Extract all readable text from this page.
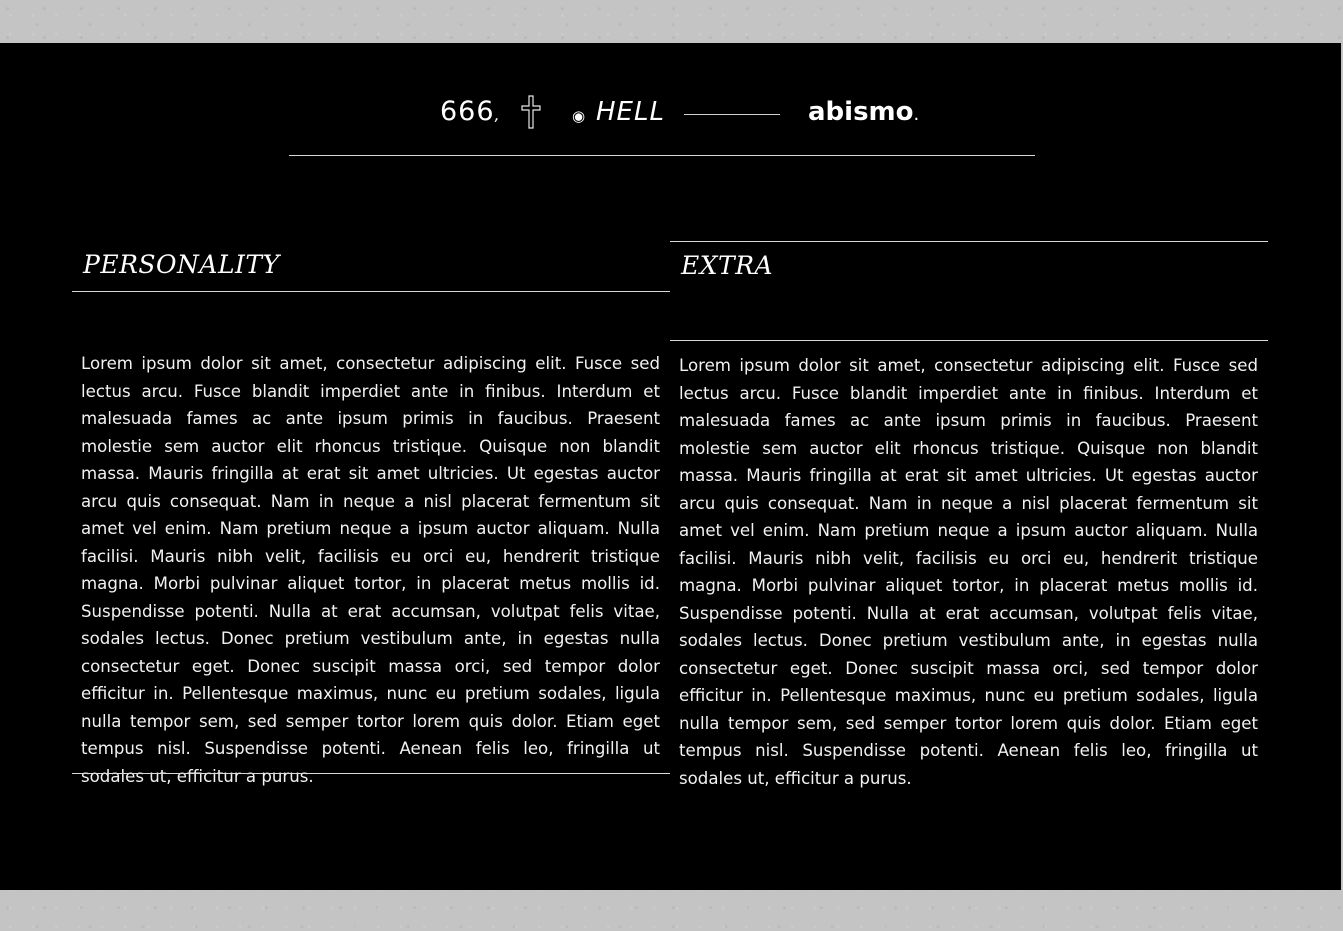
666,	◉ HELL	abismo.
PERSONALITY

Lorem ipsum dolor sit amet, consectetur adipiscing elit. Fusce sed lectus arcu. Fusce blandit imperdiet ante in finibus. Interdum et malesuada fames ac ante ipsum primis in faucibus. Praesent molestie sem auctor elit rhoncus tristique. Quisque non blandit massa. Mauris fringilla at erat sit amet ultricies. Ut egestas auctor arcu quis consequat. Nam in neque a nisl placerat fermentum sit amet vel enim. Nam pretium neque a ipsum auctor aliquam. Nulla facilisi. Mauris nibh velit, facilisis eu orci eu, hendrerit tristique magna. Morbi pulvinar aliquet tortor, in placerat metus mollis id. Suspendisse potenti. Nulla at erat accumsan, volutpat felis vitae, sodales lectus. Donec pretium vestibulum ante, in egestas nulla consectetur eget. Donec suscipit massa orci, sed tempor dolor efficitur in. Pellentesque maximus, nunc eu pretium sodales, ligula nulla tempor sem, sed semper tortor lorem quis dolor. Etiam eget tempus nisl. Suspendisse potenti. Aenean felis leo, fringilla ut sodales ut, efficitur a purus.

EXTRA

Lorem ipsum dolor sit amet, consectetur adipiscing elit. Fusce sed lectus arcu. Fusce blandit imperdiet ante in finibus. Interdum et malesuada fames ac ante ipsum primis in faucibus. Praesent molestie sem auctor elit rhoncus tristique. Quisque non blandit massa. Mauris fringilla at erat sit amet ultricies. Ut egestas auctor arcu quis consequat. Nam in neque a nisl placerat fermentum sit amet vel enim. Nam pretium neque a ipsum auctor aliquam. Nulla facilisi. Mauris nibh velit, facilisis eu orci eu, hendrerit tristique magna. Morbi pulvinar aliquet tortor, in placerat metus mollis id. Suspendisse potenti. Nulla at erat accumsan, volutpat felis vitae, sodales lectus. Donec pretium vestibulum ante, in egestas nulla consectetur eget. Donec suscipit massa orci, sed tempor dolor efficitur in. Pellentesque maximus, nunc eu pretium sodales, ligula nulla tempor sem, sed semper tortor lorem quis dolor. Etiam eget tempus nisl. Suspendisse potenti. Aenean felis leo, fringilla ut sodales ut, efficitur a purus.
